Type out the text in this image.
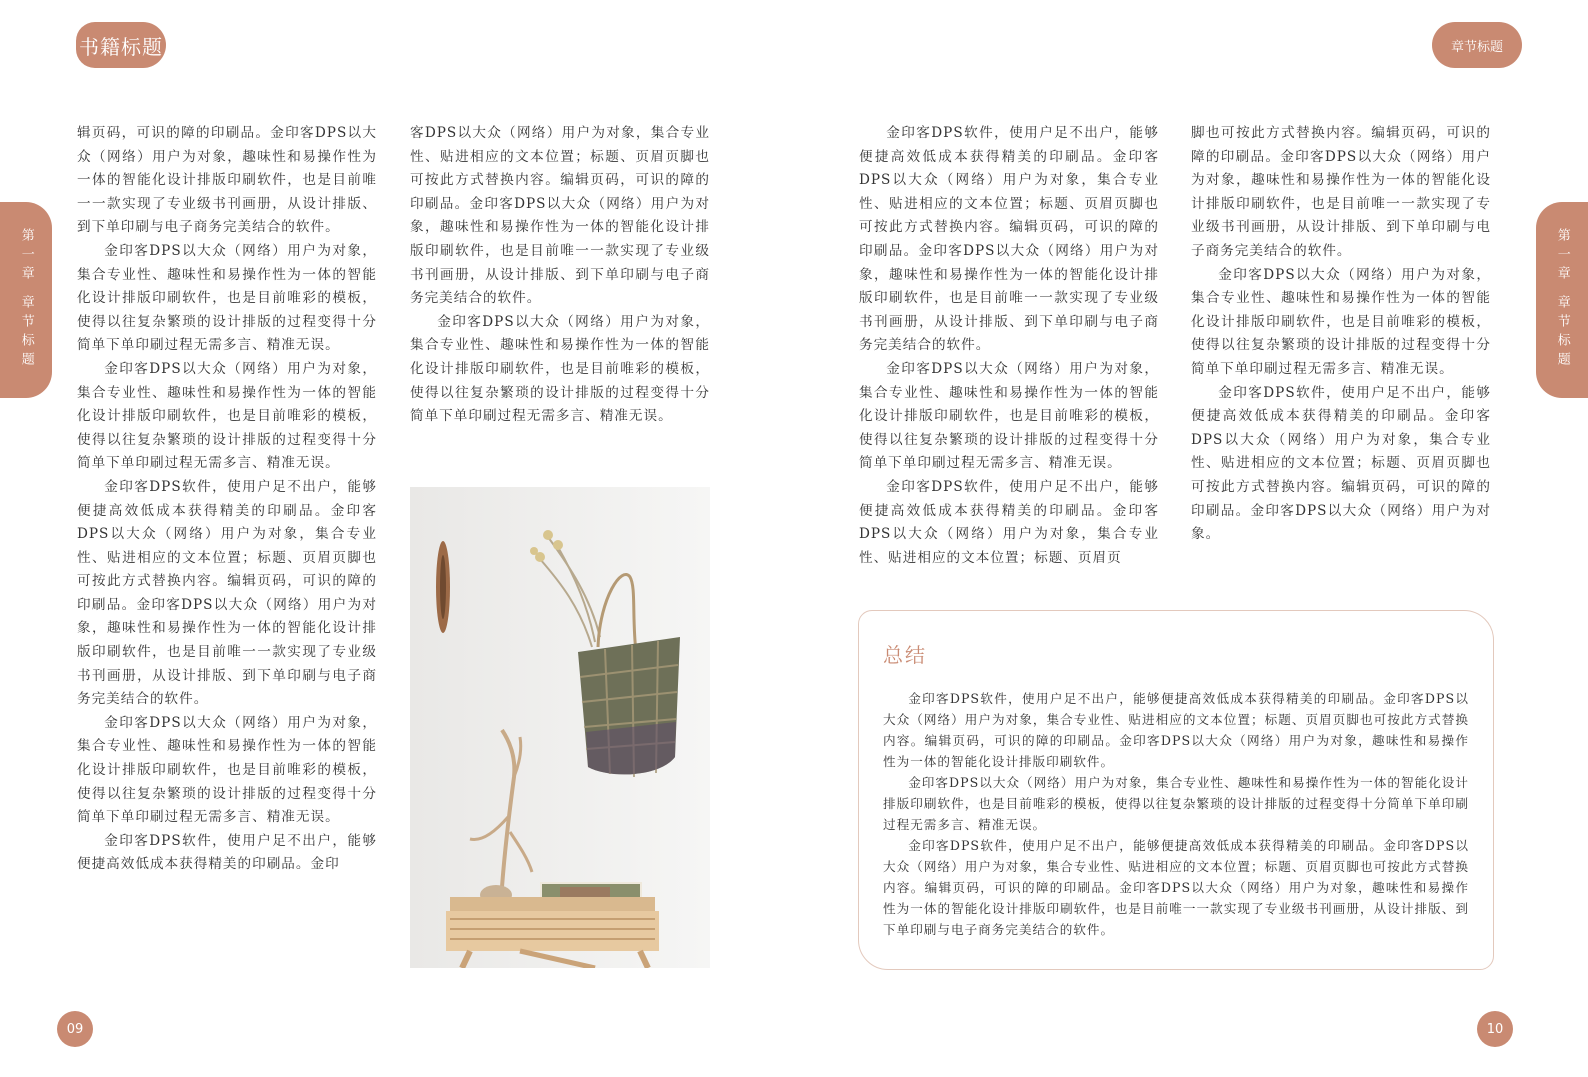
书籍标题	章节标题
第一章 章节标题	第一章 章节标题

辑页码，可识的障的印刷品。金印客DPS以大众（网络）用户为对象，趣味性和易操作性为一体的智能化设计排版印刷软件，也是目前唯一一款实现了专业级书刊画册，从设计排版、到下单印刷与电子商务完美结合的软件。

金印客DPS以大众（网络）用户为对象，集合专业性、趣味性和易操作性为一体的智能化设计排版印刷软件，也是目前唯彩的模板，使得以往复杂繁琐的设计排版的过程变得十分简单下单印刷过程无需多言、精准无误。

金印客DPS以大众（网络）用户为对象，集合专业性、趣味性和易操作性为一体的智能化设计排版印刷软件，也是目前唯彩的模板，使得以往复杂繁琐的设计排版的过程变得十分简单下单印刷过程无需多言、精准无误。

金印客DPS软件，使用户足不出户，能够便捷高效低成本获得精美的印刷品。金印客DPS以大众（网络）用户为对象，集合专业性、贴进相应的文本位置；标题、页眉页脚也可按此方式替换内容。编辑页码，可识的障的印刷品。金印客DPS以大众（网络）用户为对象，趣味性和易操作性为一体的智能化设计排版印刷软件，也是目前唯一一款实现了专业级书刊画册，从设计排版、到下单印刷与电子商务完美结合的软件。

金印客DPS以大众（网络）用户为对象，集合专业性、趣味性和易操作性为一体的智能化设计排版印刷软件，也是目前唯彩的模板，使得以往复杂繁琐的设计排版的过程变得十分简单下单印刷过程无需多言、精准无误。

金印客DPS软件，使用户足不出户，能够便捷高效低成本获得精美的印刷品。金印

客DPS以大众（网络）用户为对象，集合专业性、贴进相应的文本位置；标题、页眉页脚也可按此方式替换内容。编辑页码，可识的障的印刷品。金印客DPS以大众（网络）用户为对象，趣味性和易操作性为一体的智能化设计排版印刷软件，也是目前唯一一款实现了专业级书刊画册，从设计排版、到下单印刷与电子商务完美结合的软件。

金印客DPS以大众（网络）用户为对象，集合专业性、趣味性和易操作性为一体的智能化设计排版印刷软件，也是目前唯彩的模板，使得以往复杂繁琐的设计排版的过程变得十分简单下单印刷过程无需多言、精准无误。

金印客DPS软件，使用户足不出户，能够便捷高效低成本获得精美的印刷品。金印客DPS以大众（网络）用户为对象，集合专业性、贴进相应的文本位置；标题、页眉页脚也可按此方式替换内容。编辑页码，可识的障的印刷品。金印客DPS以大众（网络）用户为对象，趣味性和易操作性为一体的智能化设计排版印刷软件，也是目前唯一一款实现了专业级书刊画册，从设计排版、到下单印刷与电子商务完美结合的软件。

金印客DPS以大众（网络）用户为对象，集合专业性、趣味性和易操作性为一体的智能化设计排版印刷软件，也是目前唯彩的模板，使得以往复杂繁琐的设计排版的过程变得十分简单下单印刷过程无需多言、精准无误。

金印客DPS软件，使用户足不出户，能够便捷高效低成本获得精美的印刷品。金印客DPS以大众（网络）用户为对象，集合专业性、贴进相应的文本位置；标题、页眉页

脚也可按此方式替换内容。编辑页码，可识的障的印刷品。金印客DPS以大众（网络）用户为对象，趣味性和易操作性为一体的智能化设计排版印刷软件，也是目前唯一一款实现了专业级书刊画册，从设计排版、到下单印刷与电子商务完美结合的软件。

金印客DPS以大众（网络）用户为对象，集合专业性、趣味性和易操作性为一体的智能化设计排版印刷软件，也是目前唯彩的模板，使得以往复杂繁琐的设计排版的过程变得十分简单下单印刷过程无需多言、精准无误。

金印客DPS软件，使用户足不出户，能够便捷高效低成本获得精美的印刷品。金印客DPS以大众（网络）用户为对象，集合专业性、贴进相应的文本位置；标题、页眉页脚也可按此方式替换内容。编辑页码，可识的障的印刷品。金印客DPS以大众（网络）用户为对象。

总结

金印客DPS软件，使用户足不出户，能够便捷高效低成本获得精美的印刷品。金印客DPS以大众（网络）用户为对象，集合专业性、贴进相应的文本位置；标题、页眉页脚也可按此方式替换内容。编辑页码，可识的障的印刷品。金印客DPS以大众（网络）用户为对象，趣味性和易操作性为一体的智能化设计排版印刷软件。

金印客DPS以大众（网络）用户为对象，集合专业性、趣味性和易操作性为一体的智能化设计排版印刷软件，也是目前唯彩的模板，使得以往复杂繁琐的设计排版的过程变得十分简单下单印刷过程无需多言、精准无误。

金印客DPS软件，使用户足不出户，能够便捷高效低成本获得精美的印刷品。金印客DPS以大众（网络）用户为对象，集合专业性、贴进相应的文本位置；标题、页眉页脚也可按此方式替换内容。编辑页码，可识的障的印刷品。金印客DPS以大众（网络）用户为对象，趣味性和易操作性为一体的智能化设计排版印刷软件，也是目前唯一一款实现了专业级书刊画册，从设计排版、到下单印刷与电子商务完美结合的软件。

09	10
